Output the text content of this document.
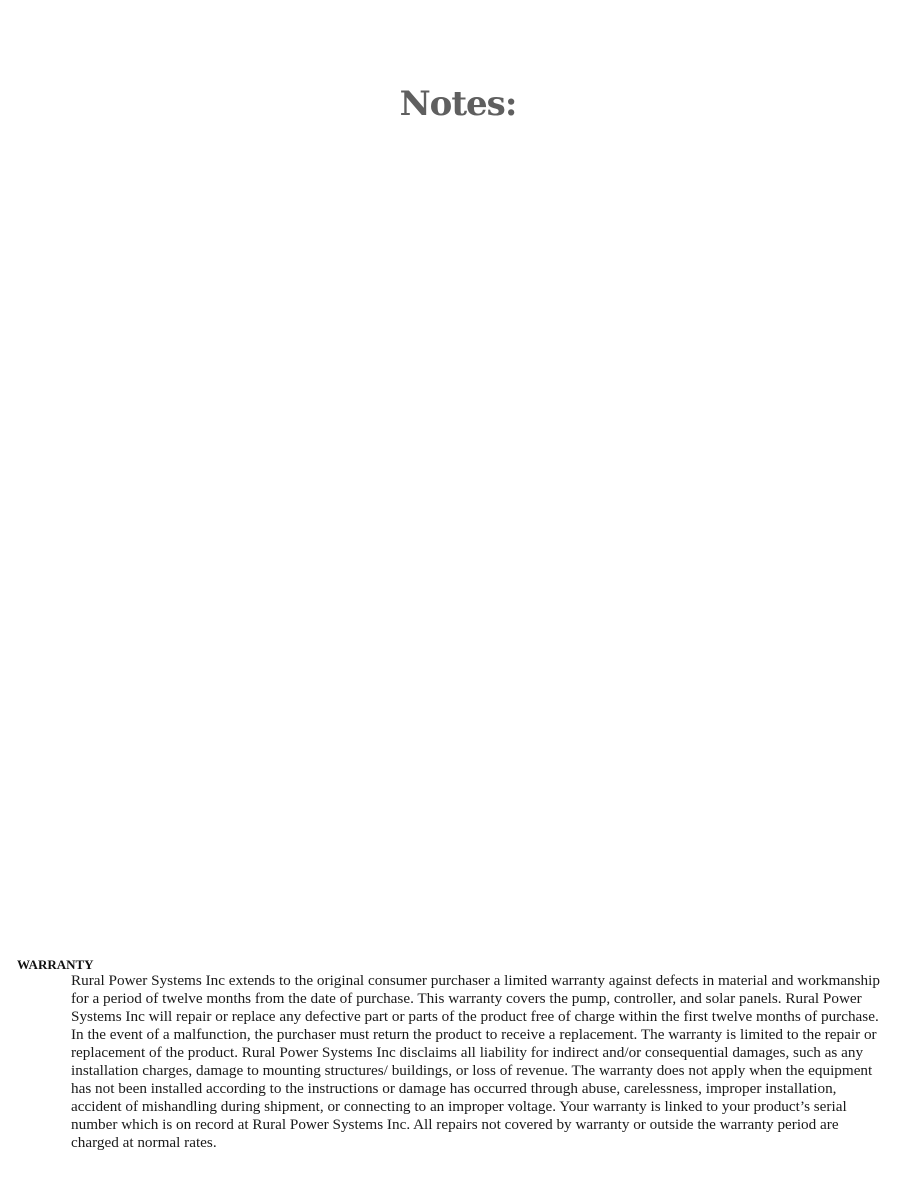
Notes:
WARRANTY

Rural Power Systems Inc extends to the original consumer purchaser a limited warranty against defects in material and workmanship for a period of twelve months from the date of purchase. This warranty covers the pump, controller, and solar panels. Rural Power Systems Inc will repair or replace any defective part or parts of the product free of charge within the first twelve months of purchase. In the event of a malfunction, the purchaser must return the product to receive a replacement. The warranty is limited to the repair or replacement of the product. Rural Power Systems Inc disclaims all liability for indirect and/or consequential damages, such as any installation charges, damage to mounting structures/ buildings, or loss of revenue. The warranty does not apply when the equipment has not been installed according to the instructions or damage has occurred through abuse, carelessness, improper installation, accident of mishandling during shipment, or connecting to an improper voltage. Your warranty is linked to your product’s serial number which is on record at Rural Power Systems Inc. All repairs not covered by warranty or outside the warranty period are charged at normal rates.
